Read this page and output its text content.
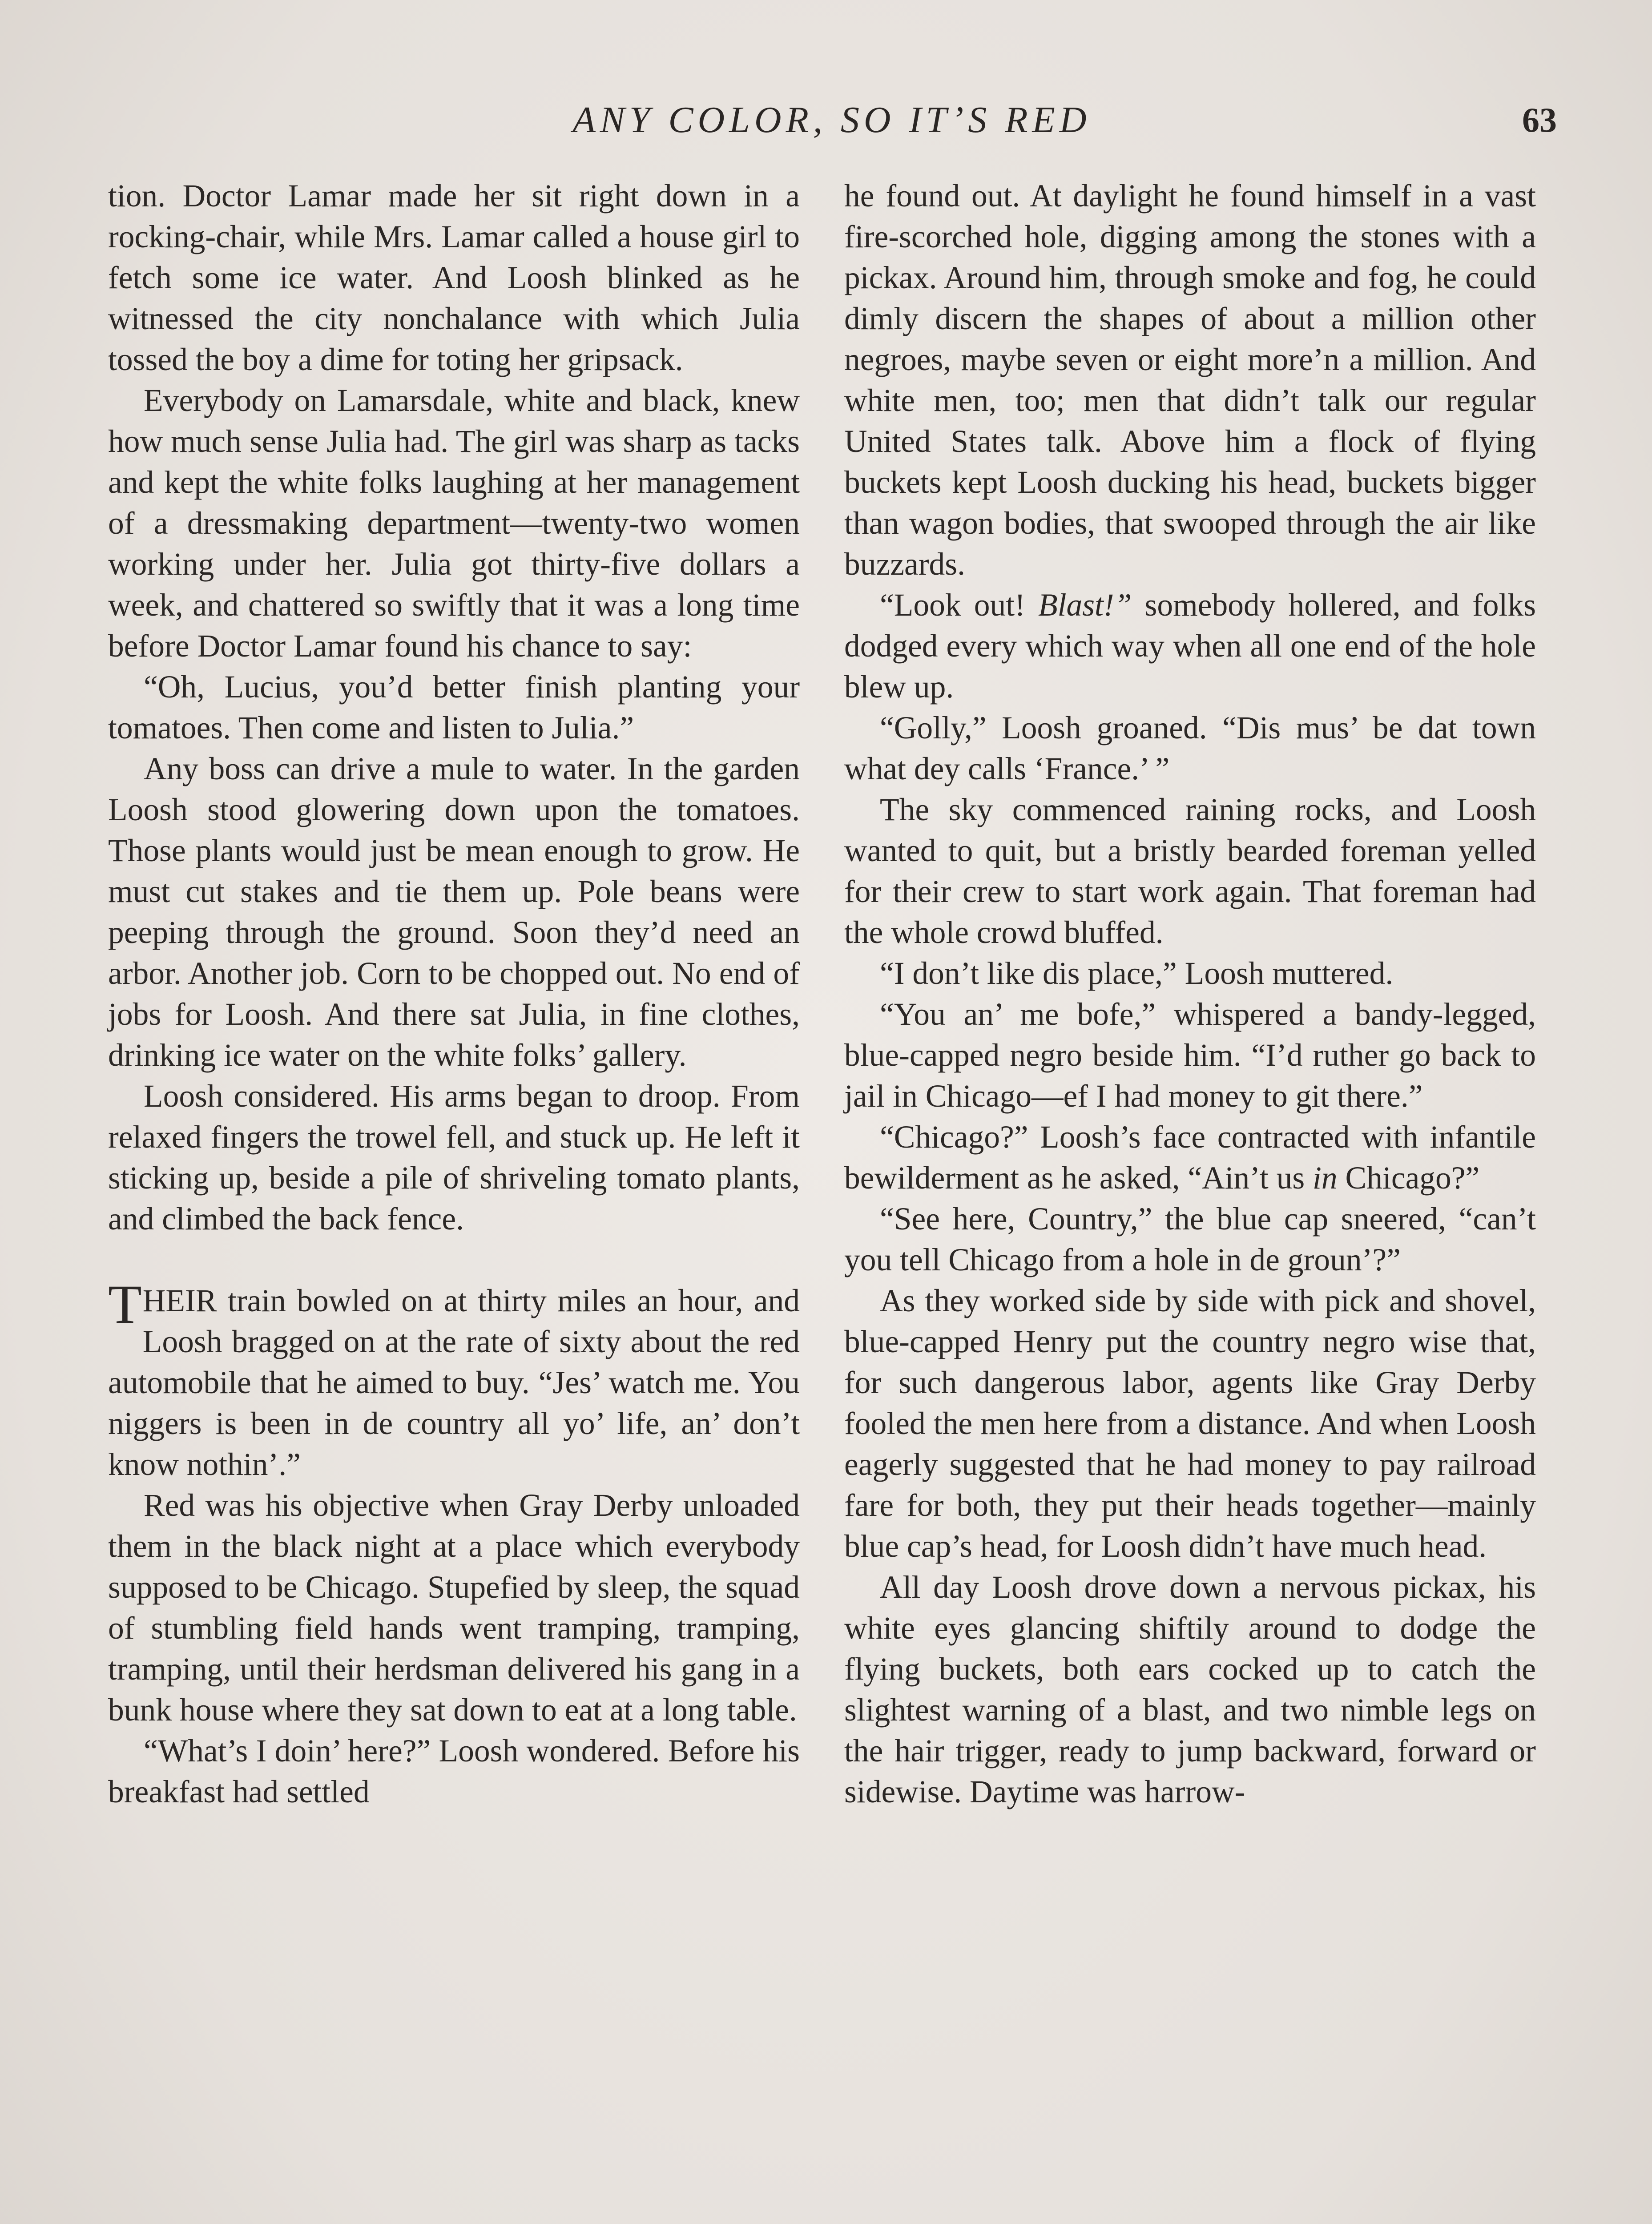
ANY COLOR, SO IT’S RED	63

tion. Doctor Lamar made her sit right down in a rocking-chair, while Mrs. Lamar called a house girl to fetch some ice water. And Loosh blinked as he witnessed the city nonchalance with which Julia tossed the boy a dime for toting her gripsack.

Everybody on Lamarsdale, white and black, knew how much sense Julia had. The girl was sharp as tacks and kept the white folks laughing at her management of a dressmaking department—twenty-two women working under her. Julia got thirty-five dollars a week, and chattered so swiftly that it was a long time before Doctor Lamar found his chance to say:

“Oh, Lucius, you’d better finish planting your tomatoes. Then come and listen to Julia.”

Any boss can drive a mule to water. In the garden Loosh stood glowering down upon the tomatoes. Those plants would just be mean enough to grow. He must cut stakes and tie them up. Pole beans were peeping through the ground. Soon they’d need an arbor. Another job. Corn to be chopped out. No end of jobs for Loosh. And there sat Julia, in fine clothes, drinking ice water on the white folks’ gallery.

Loosh considered. His arms began to droop. From relaxed fingers the trowel fell, and stuck up. He left it sticking up, beside a pile of shriveling tomato plants, and climbed the back fence.

THEIR train bowled on at thirty miles an hour, and Loosh bragged on at the rate of sixty about the red automobile that he aimed to buy. “Jes’ watch me. You niggers is been in de country all yo’ life, an’ don’t know nothin’.”

Red was his objective when Gray Derby unloaded them in the black night at a place which everybody supposed to be Chicago. Stupefied by sleep, the squad of stumbling field hands went tramping, tramping, tramping, until their herdsman delivered his gang in a bunk house where they sat down to eat at a long table.

“What’s I doin’ here?” Loosh wondered. Before his breakfast had settled

he found out. At daylight he found himself in a vast fire-scorched hole, digging among the stones with a pickax. Around him, through smoke and fog, he could dimly discern the shapes of about a million other negroes, maybe seven or eight more’n a million. And white men, too; men that didn’t talk our regular United States talk. Above him a flock of flying buckets kept Loosh ducking his head, buckets bigger than wagon bodies, that swooped through the air like buzzards.

“Look out! Blast!” somebody hollered, and folks dodged every which way when all one end of the hole blew up.

“Golly,” Loosh groaned. “Dis mus’ be dat town what dey calls ‘France.’ ”

The sky commenced raining rocks, and Loosh wanted to quit, but a bristly bearded foreman yelled for their crew to start work again. That foreman had the whole crowd bluffed.

“I don’t like dis place,” Loosh muttered.

“You an’ me bofe,” whispered a bandy-legged, blue-capped negro beside him. “I’d ruther go back to jail in Chicago—ef I had money to git there.”

“Chicago?” Loosh’s face contracted with infantile bewilderment as he asked, “Ain’t us in Chicago?”

“See here, Country,” the blue cap sneered, “can’t you tell Chicago from a hole in de groun’?”

As they worked side by side with pick and shovel, blue-capped Henry put the country negro wise that, for such dangerous labor, agents like Gray Derby fooled the men here from a distance. And when Loosh eagerly suggested that he had money to pay railroad fare for both, they put their heads together—mainly blue cap’s head, for Loosh didn’t have much head.

All day Loosh drove down a nervous pickax, his white eyes glancing shiftily around to dodge the flying buckets, both ears cocked up to catch the slightest warning of a blast, and two nimble legs on the hair trigger, ready to jump backward, forward or sidewise. Daytime was harrow-
